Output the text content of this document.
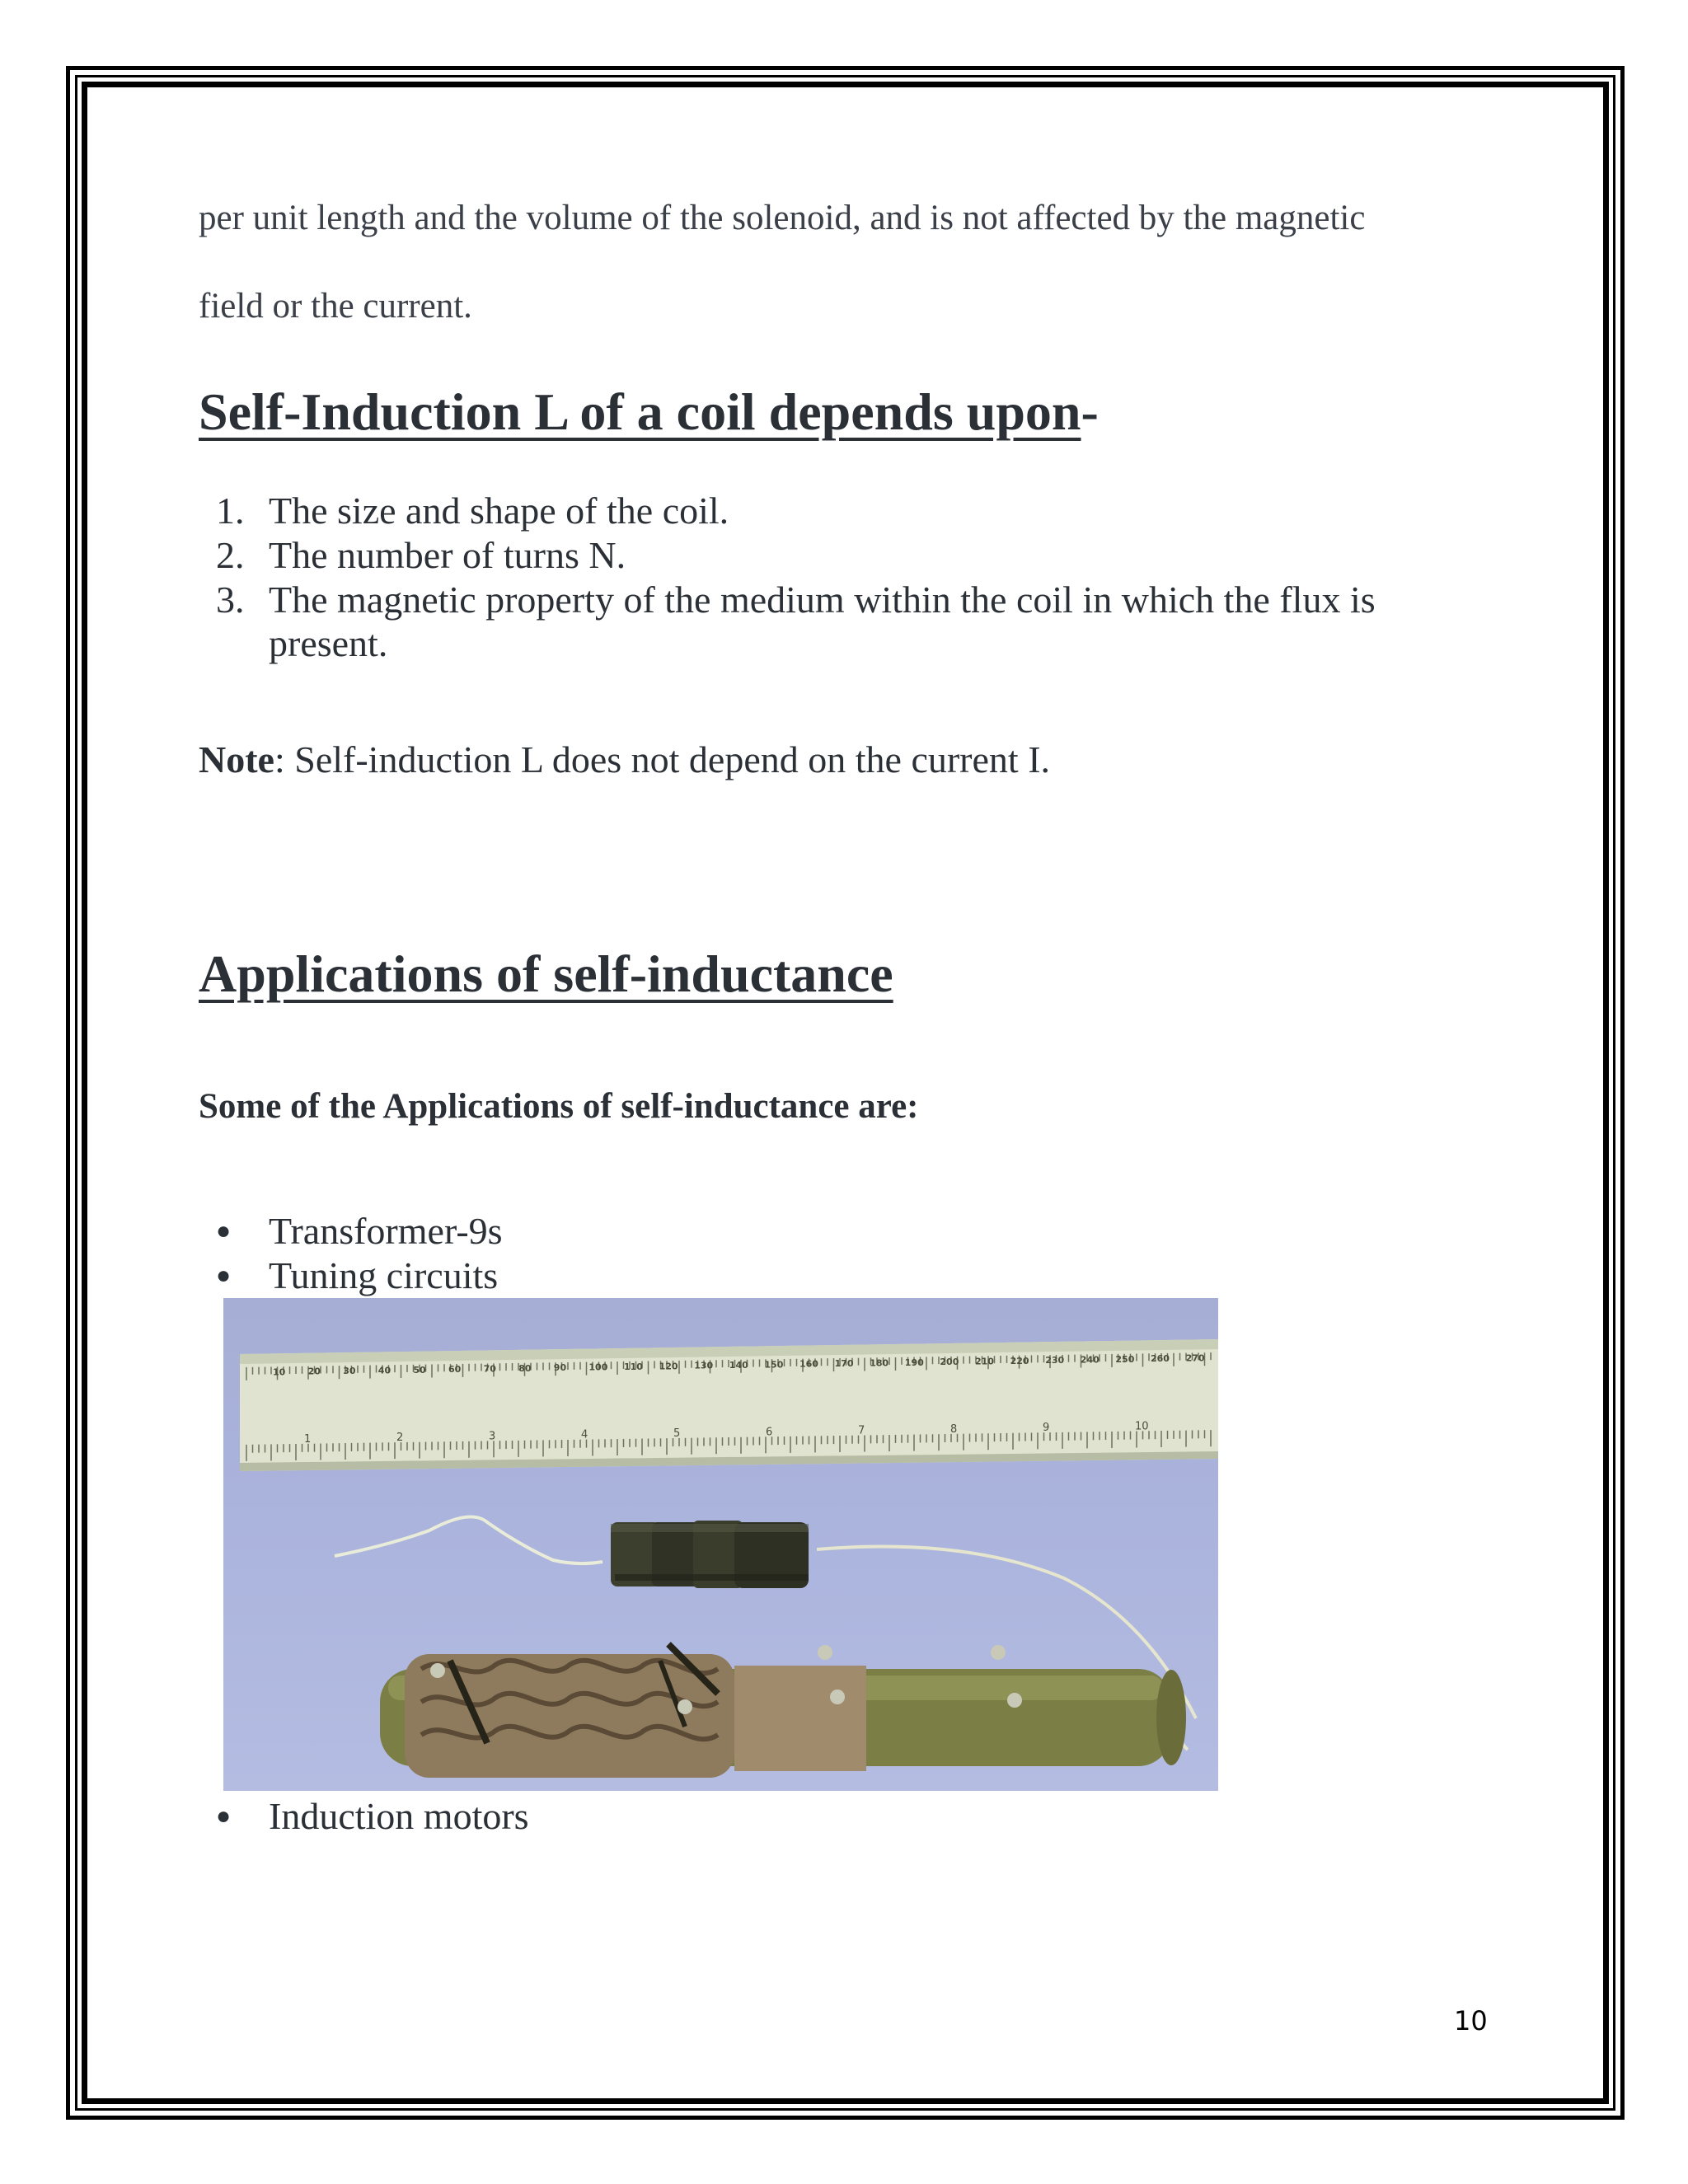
per unit length and the volume of the solenoid, and is not affected by the magnetic
field or the current.
Self-Induction L of a coil depends upon-
1. The size and shape of the coil.
2. The number of turns N.
3. The magnetic property of the medium within the coil in which the flux is
present.
Note: Self-induction L does not depend on the current I.
Applications of self-inductance
Some of the Applications of self-inductance are:
● Transformer-9s
● Tuning circuits
10 20 30 40 50 60 70 80 90 100 110 120 130 140 150 160 170 180 190 200 210 220 230 240 250 260 270
1	2	3	4	5	6	7	8	9	10
● Induction motors
10
